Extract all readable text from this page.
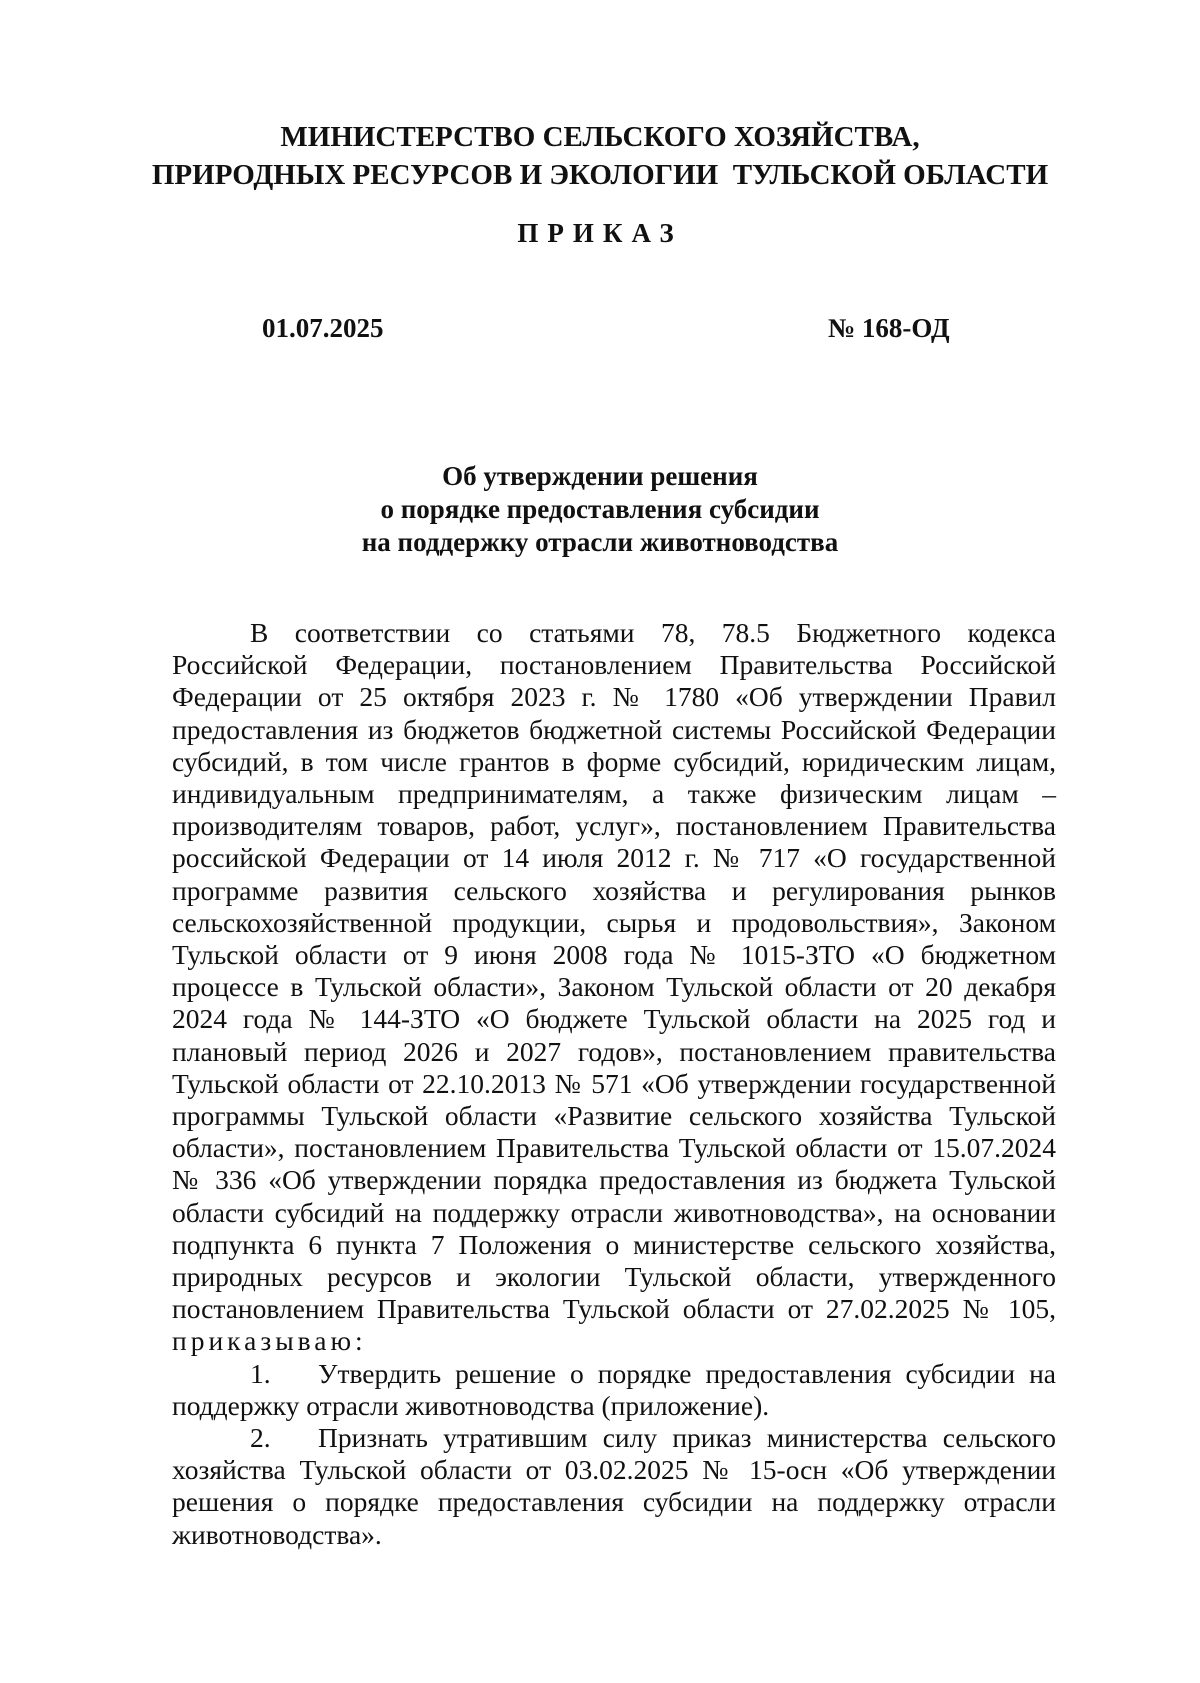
МИНИСТЕРСТВО СЕЛЬСКОГО ХОЗЯЙСТВА,
ПРИРОДНЫХ РЕСУРСОВ И ЭКОЛОГИИ  ТУЛЬСКОЙ ОБЛАСТИ
ПРИКАЗ
01.07.2025	№ 168-ОД
Об утверждении решения
о порядке предоставления субсидии
на поддержку отрасли животноводства

В соответствии со статьями 78, 78.5 Бюджетного кодекса Российской Федерации, постановлением Правительства Российской Федерации от 25 октября 2023 г. № 1780 «Об утверждении Правил предоставления из бюджетов бюджетной системы Российской Федерации субсидий, в том числе грантов в форме субсидий, юридическим лицам, индивидуальным предпринимателям, а также физическим лицам – производителям товаров, работ, услуг», постановлением Правительства российской Федерации от 14 июля 2012 г. № 717 «О государственной программе развития сельского хозяйства и регулирования рынков сельскохозяйственной продукции, сырья и продовольствия», Законом Тульской области от 9 июня 2008 года № 1015-ЗТО «О бюджетном процессе в Тульской области», Законом Тульской области от 20 декабря 2024 года № 144-ЗТО «О бюджете Тульской области на 2025 год и плановый период 2026 и 2027 годов», постановлением правительства Тульской области от 22.10.2013 № 571 «Об утверждении государственной программы Тульской области «Развитие сельского хозяйства Тульской области», постановлением Правительства Тульской области от 15.07.2024 № 336 «Об утверждении порядка предоставления из бюджета Тульской области субсидий на поддержку отрасли животноводства», на основании подпункта 6 пункта 7 Положения о министерстве сельского хозяйства, природных ресурсов и экологии Тульской области, утвержденного постановлением Правительства Тульской области от 27.02.2025 № 105, приказываю:

1. Утвердить решение о порядке предоставления субсидии на поддержку отрасли животноводства (приложение).

2. Признать утратившим силу приказ министерства сельского хозяйства Тульской области от 03.02.2025 № 15-осн «Об утверждении решения о порядке предоставления субсидии на поддержку отрасли животноводства».
